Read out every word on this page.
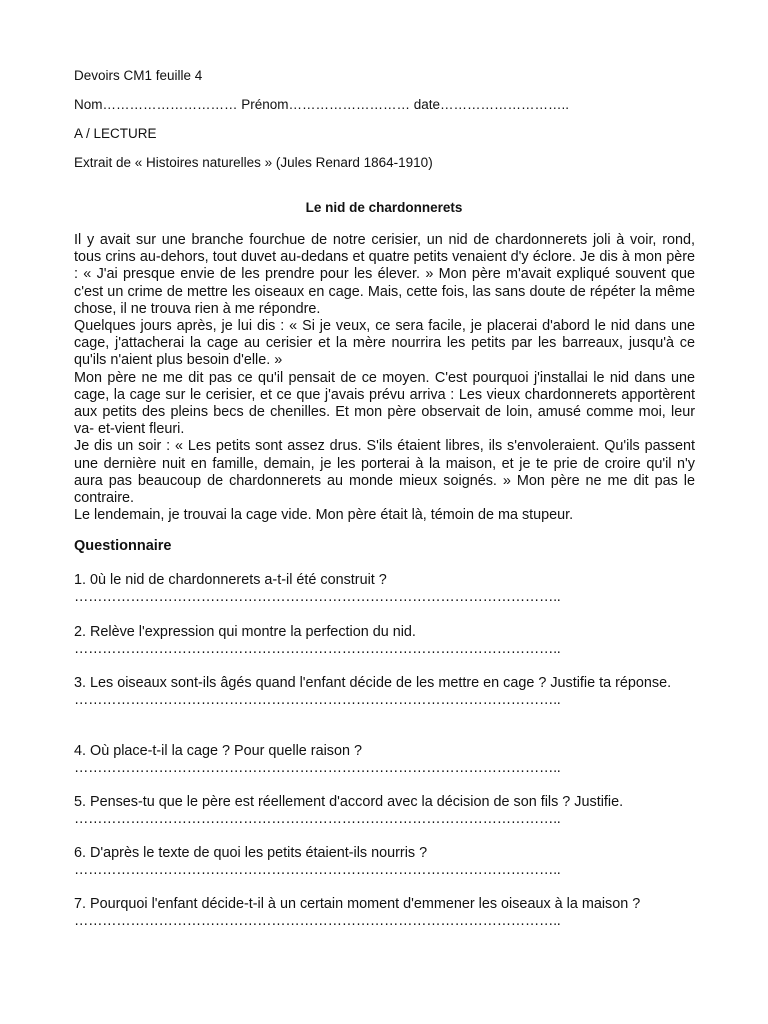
Devoirs CM1 feuille 4
Nom………………………… Prénom……………………… date………………………..
A / LECTURE
Extrait de « Histoires naturelles » (Jules Renard 1864-1910)
Le nid de chardonnerets

Il y avait sur une branche fourchue de notre cerisier, un nid de chardonnerets joli à voir, rond, tous crins au-dehors, tout duvet au-dedans et quatre petits venaient d'y éclore. Je dis à mon père : « J'ai presque envie de les prendre pour les élever. » Mon père m'avait expliqué souvent que c'est un crime de mettre les oiseaux en cage. Mais, cette fois, las sans doute de répéter la même chose, il ne trouva rien à me répondre.

Quelques jours après, je lui dis : « Si je veux, ce sera facile, je placerai d'abord le nid dans une cage, j'attacherai la cage au cerisier et la mère nourrira les petits par les barreaux, jusqu'à ce qu'ils n'aient plus besoin d'elle. »

Mon père ne me dit pas ce qu'il pensait de ce moyen. C'est pourquoi j'installai le nid dans une cage, la cage sur le cerisier, et ce que j'avais prévu arriva : Les vieux chardonnerets apportèrent aux petits des pleins becs de chenilles. Et mon père observait de loin, amusé comme moi, leur va- et-vient fleuri.

Je dis un soir : « Les petits sont assez drus. S'ils étaient libres, ils s'envoleraient. Qu'ils passent une dernière nuit en famille, demain, je les porterai à la maison, et je te prie de croire qu'il n'y aura pas beaucoup de chardonnerets au monde mieux soignés. » Mon père ne me dit pas le contraire.

Le lendemain, je trouvai la cage vide. Mon père était là, témoin de ma stupeur.

Questionnaire
1. 0ù le nid de chardonnerets a-t-il été construit ?
…………………………………………………………………………………………..
2. Relève l'expression qui montre la perfection du nid.
…………………………………………………………………………………………..
3. Les oiseaux sont-ils âgés quand l'enfant décide de les mettre en cage ? Justifie ta réponse.
…………………………………………………………………………………………..
4. Où place-t-il la cage ? Pour quelle raison ?
…………………………………………………………………………………………..
5. Penses-tu que le père est réellement d'accord avec la décision de son fils ? Justifie.
…………………………………………………………………………………………..
6. D'après le texte de quoi les petits étaient-ils nourris ?
…………………………………………………………………………………………..
7. Pourquoi l'enfant décide-t-il à un certain moment d'emmener les oiseaux à la maison ?
…………………………………………………………………………………………..
